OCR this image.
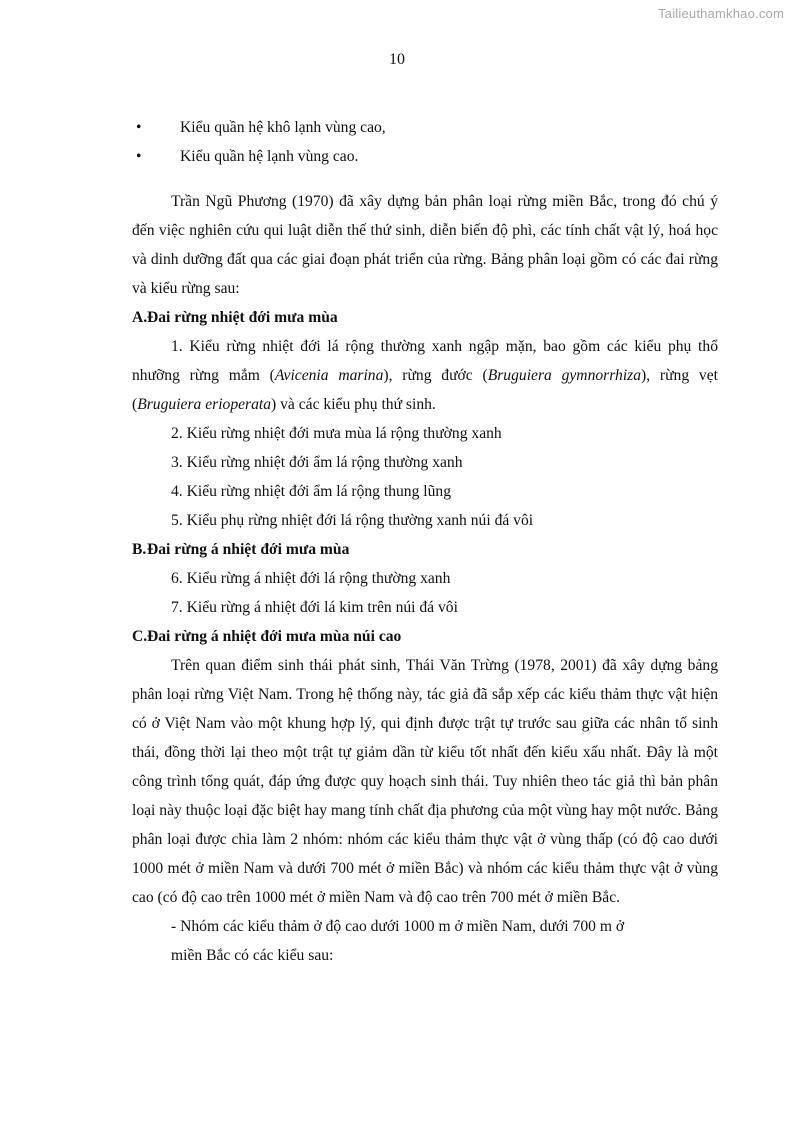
Tailieuthamkhao.com
10

• Kiểu quần hệ khô lạnh vùng cao,

• Kiểu quần hệ lạnh vùng cao.

Trần Ngũ Phương (1970) đã xây dựng bản phân loại rừng miền Bắc, trong đó chú ý đến việc nghiên cứu qui luật diễn thế thứ sinh, diễn biến độ phì, các tính chất vật lý, hoá học và dinh dưỡng đất qua các giai đoạn phát triển của rừng. Bảng phân loại gồm có các đai rừng và kiểu rừng sau:

A.Đai rừng nhiệt đới mưa mùa

1. Kiểu rừng nhiệt đới lá rộng thường xanh ngập mặn, bao gồm các kiểu phụ thổ nhưỡng rừng mắm (Avicenia marina), rừng đước (Bruguiera gymnorrhiza), rừng vẹt (Bruguiera erioperata) và các kiểu phụ thứ sinh.

2. Kiểu rừng nhiệt đới mưa mùa lá rộng thường xanh

3. Kiểu rừng nhiệt đới ẩm lá rộng thường xanh

4. Kiểu rừng nhiệt đới ẩm lá rộng thung lũng

5. Kiểu phụ rừng nhiệt đới lá rộng thường xanh núi đá vôi

B.Đai rừng á nhiệt đới mưa mùa

6. Kiểu rừng á nhiệt đới lá rộng thường xanh

7. Kiểu rừng á nhiệt đới lá kim trên núi đá vôi

C.Đai rừng á nhiệt đới mưa mùa núi cao

Trên quan điểm sinh thái phát sinh, Thái Văn Trừng (1978, 2001) đã xây dựng bảng phân loại rừng Việt Nam. Trong hệ thống này, tác giả đã sắp xếp các kiểu thảm thực vật hiện có ở Việt Nam vào một khung hợp lý, qui định được trật tự trước sau giữa các nhân tố sinh thái, đồng thời lại theo một trật tự giảm dần từ kiểu tốt nhất đến kiểu xấu nhất. Đây là một công trình tổng quát, đáp ứng được quy hoạch sinh thái. Tuy nhiên theo tác giả thì bản phân loại này thuộc loại đặc biệt hay mang tính chất địa phương của một vùng hay một nước. Bảng phân loại được chia làm 2 nhóm: nhóm các kiểu thảm thực vật ở vùng thấp (có độ cao dưới 1000 mét ở miền Nam và dưới 700 mét ở miền Bắc) và nhóm các kiểu thảm thực vật ở vùng cao (có độ cao trên 1000 mét ở miền Nam và độ cao trên 700 mét ở miền Bắc.

- Nhóm các kiểu thảm ở độ cao dưới 1000 m ở miền Nam, dưới 700 m ở

miền Bắc có các kiểu sau:
